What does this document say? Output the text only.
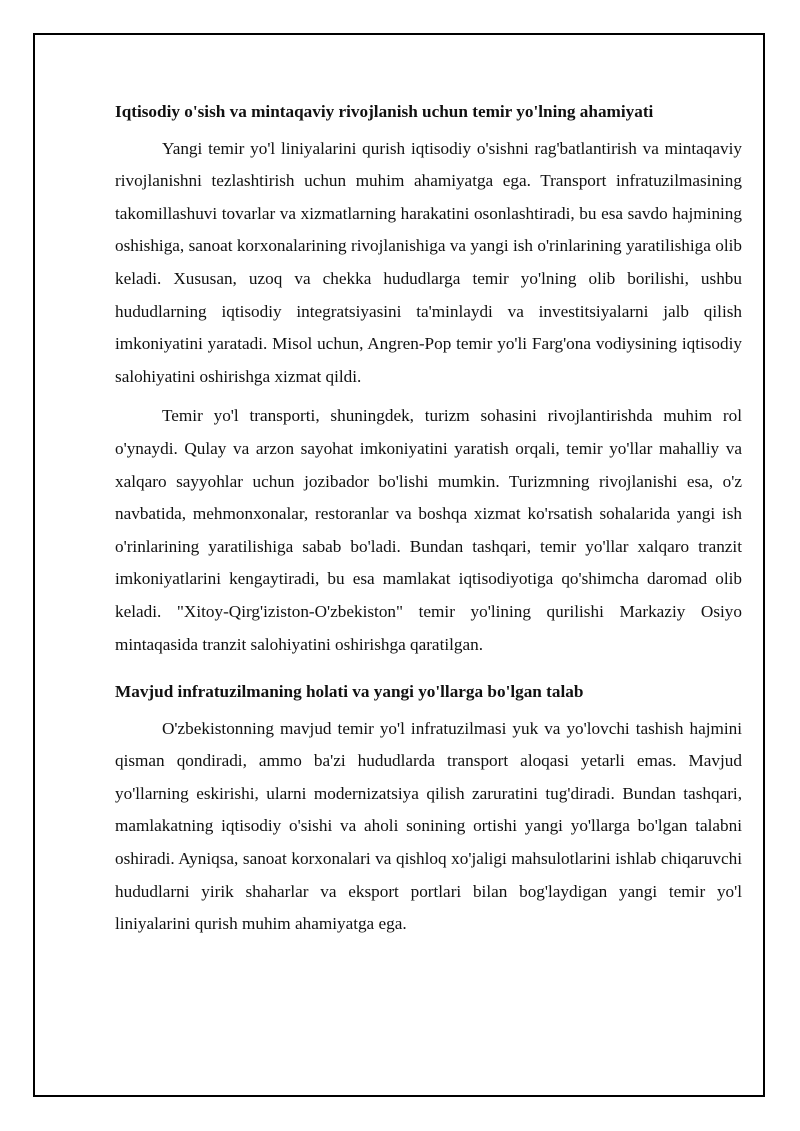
Iqtisodiy o'sish va mintaqaviy rivojlanish uchun temir yo'lning ahamiyati

Yangi temir yo'l liniyalarini qurish iqtisodiy o'sishni rag'batlantirish va mintaqaviy rivojlanishni tezlashtirish uchun muhim ahamiyatga ega. Transport infratuzilmasining takomillashuvi tovarlar va xizmatlarning harakatini osonlashtiradi, bu esa savdo hajmining oshishiga, sanoat korxonalarining rivojlanishiga va yangi ish o'rinlarining yaratilishiga olib keladi. Xususan, uzoq va chekka hududlarga temir yo'lning olib borilishi, ushbu hududlarning iqtisodiy integratsiyasini ta'minlaydi va investitsiyalarni jalb qilish imkoniyatini yaratadi. Misol uchun, Angren-Pop temir yo'li Farg'ona vodiysining iqtisodiy salohiyatini oshirishga xizmat qildi.

Temir yo'l transporti, shuningdek, turizm sohasini rivojlantirishda muhim rol o'ynaydi. Qulay va arzon sayohat imkoniyatini yaratish orqali, temir yo'llar mahalliy va xalqaro sayyohlar uchun jozibador bo'lishi mumkin. Turizmning rivojlanishi esa, o'z navbatida, mehmonxonalar, restoranlar va boshqa xizmat ko'rsatish sohalarida yangi ish o'rinlarining yaratilishiga sabab bo'ladi. Bundan tashqari, temir yo'llar xalqaro tranzit imkoniyatlarini kengaytiradi, bu esa mamlakat iqtisodiyotiga qo'shimcha daromad olib keladi. "Xitoy-Qirg'iziston-O'zbekiston" temir yo'lining qurilishi Markaziy Osiyo mintaqasida tranzit salohiyatini oshirishga qaratilgan.

Mavjud infratuzilmaning holati va yangi yo'llarga bo'lgan talab

O'zbekistonning mavjud temir yo'l infratuzilmasi yuk va yo'lovchi tashish hajmini qisman qondiradi, ammo ba'zi hududlarda transport aloqasi yetarli emas. Mavjud yo'llarning eskirishi, ularni modernizatsiya qilish zaruratini tug'diradi. Bundan tashqari, mamlakatning iqtisodiy o'sishi va aholi sonining ortishi yangi yo'llarga bo'lgan talabni oshiradi. Ayniqsa, sanoat korxonalari va qishloq xo'jaligi mahsulotlarini ishlab chiqaruvchi hududlarni yirik shaharlar va eksport portlari bilan bog'laydigan yangi temir yo'l liniyalarini qurish muhim ahamiyatga ega.
